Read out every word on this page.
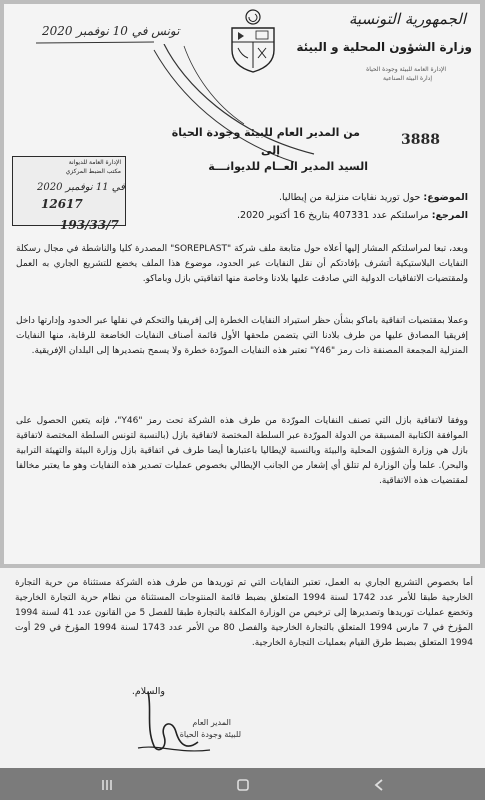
الجمهورية التونسية
وزارة الشؤون المحلية و البيئة
الإدارة العامة للبيئة وجودة الحياة
إدارة البيئة الصناعية
تونس في 10 نوفمبر 2020
3888
من المدير العام للبيئة وجودة الحياة
إلى
السيد المدير العــام للديوانـــة
الإدارة العامة للديوانة
مكتب الضبط المركزي
في 11 نوفمبر 2020
12617
193/33/7
الموضوع: حول توريد نفايات منزلية من إيطاليا.
المرجع: مراسلتكم عدد 407331 بتاريخ 16 أكتوبر 2020.
وبعد، تبعا لمراسلتكم المشار إليها أعلاه حول متابعة ملف شركة "SOREPLAST" المصدرة كليا والناشطة في مجال رسكلة النفايات البلاستيكية أتشرف بإفادتكم أن نقل النفايات عبر الحدود، موضوع هذا الملف يخضع للتشريع الجاري به العمل ولمقتضيات الاتفاقيات الدولية التي صادقت عليها بلادنا وخاصة منها اتفاقيتي بازل وباماكو.
وعملا بمقتضيات اتفاقية باماكو بشأن حظر استيراد النفايات الخطرة إلى إفريقيا والتحكم في نقلها عبر الحدود وإدارتها داخل إفريقيا المصادق عليها من طرف بلادنا التي يتضمن ملحقها الأول قائمة أصناف النفايات الخاضعة للرقابة، منها النفايات المنزلية المجمعة المصنفة ذات رمز "Y46" تعتبر هذه النفايات المورّدة خطرة ولا يسمح بتصديرها إلى البلدان الإفريقية.
ووفقا لاتفاقية بازل التي تصنف النفايات المورّدة من طرف هذه الشركة تحت رمز "Y46"، فإنه يتعين الحصول على الموافقة الكتابية المسبقة من الدولة المورّدة عبر السلطة المختصة لاتفاقية بازل (بالنسبة لتونس السلطة المختصة لاتفاقية بازل هي وزارة الشؤون المحلية والبيئة وبالنسبة لإيطاليا باعتبارها أيضا طرف في اتفاقية بازل وزارة البيئة والتهيئة الترابية والبحر). علما وأن الوزارة لم تتلق أي إشعار من الجانب الإيطالي بخصوص عمليات تصدير هذه النفايات وهو ما يعتبر مخالفا لمقتضيات هذه الاتفاقية.
أما بخصوص التشريع الجاري به العمل، تعتبر النفايات التي تم توريدها من طرف هذه الشركة مستثناة من حرية التجارة الخارجية طبقا للأمر عدد 1742 لسنة 1994 المتعلق بضبط قائمة المنتوجات المستثناة من نظام حرية التجارة الخارجية وتخضع عمليات توريدها وتصديرها إلى ترخيص من الوزارة المكلفة بالتجارة طبقا للفصل 5 من القانون عدد 41 لسنة 1994 المؤرخ في 7 مارس 1994 المتعلق بالتجارة الخارجية والفصل 80 من الأمر عدد 1743 لسنة 1994 المؤرخ في 29 أوت 1994 المتعلق بضبط طرق القيام بعمليات التجارة الخارجية.
والسلام.
المدير العام
للبيئة وجودة الحياة
